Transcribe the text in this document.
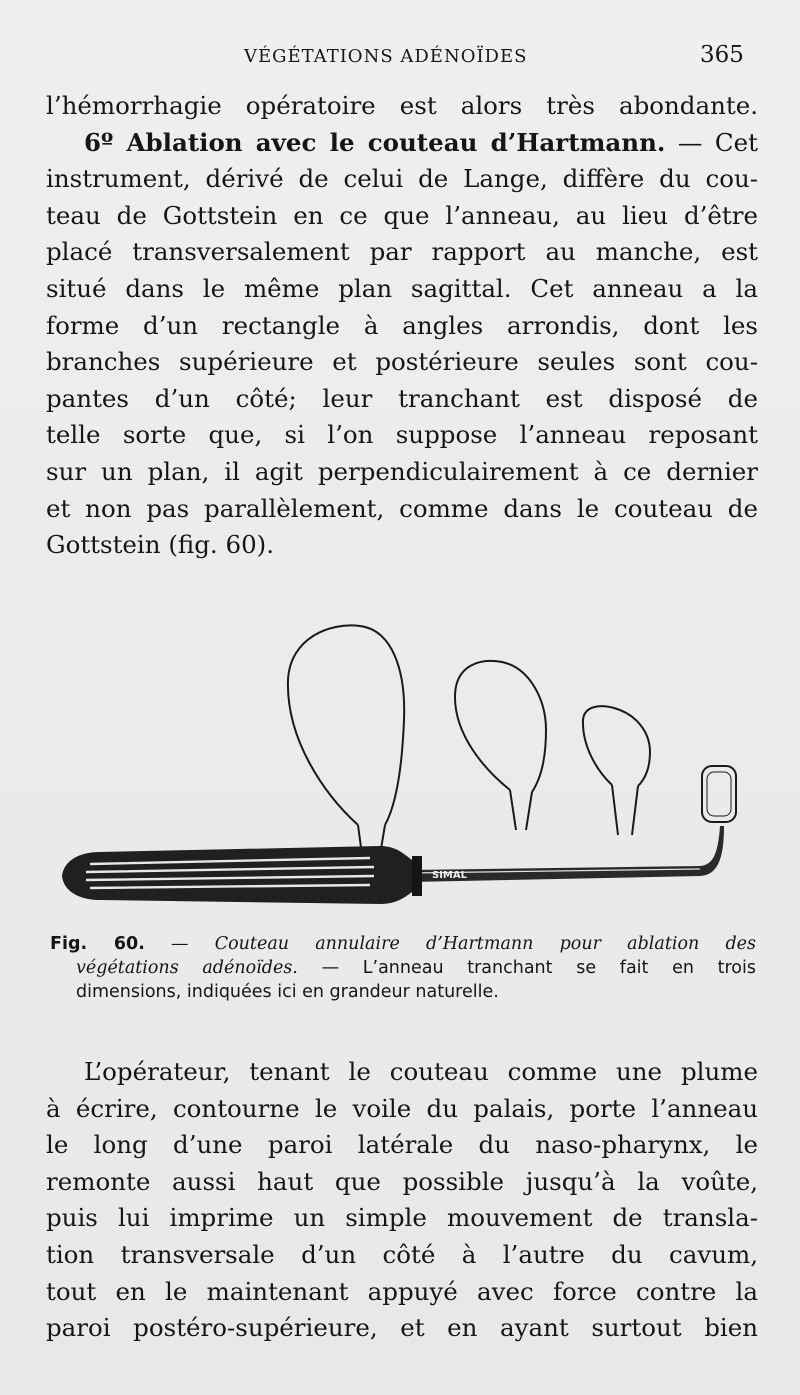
VÉGÉTATIONS ADÉNOÏDES	365

l’hémorrhagie opératoire est alors très abondante.
6º Ablation avec le couteau d’Hartmann. — Cet
instrument, dérivé de celui de Lange, diffère du cou-
teau de Gottstein en ce que l’anneau, au lieu d’être
placé transversalement par rapport au manche, est
situé dans le même plan sagittal. Cet anneau a la
forme d’un rectangle à angles arrondis, dont les
branches supérieure et postérieure seules sont cou-
pantes d’un côté; leur tranchant est disposé de
telle sorte que, si l’on suppose l’anneau reposant
sur un plan, il agit perpendiculairement à ce dernier
et non pas parallèlement, comme dans le couteau de
Gottstein (fig. 60).

SIMAL
Fig. 60. — Couteau annulaire d’Hartmann pour ablation des
végétations adénoïdes. — L’anneau tranchant se fait en trois
dimensions, indiquées ici en grandeur naturelle.

L’opérateur, tenant le couteau comme une plume
à écrire, contourne le voile du palais, porte l’anneau
le long d’une paroi latérale du naso-pharynx, le
remonte aussi haut que possible jusqu’à la voûte,
puis lui imprime un simple mouvement de transla-
tion transversale d’un côté à l’autre du cavum,
tout en le maintenant appuyé avec force contre la
paroi postéro-supérieure, et en ayant surtout bien
